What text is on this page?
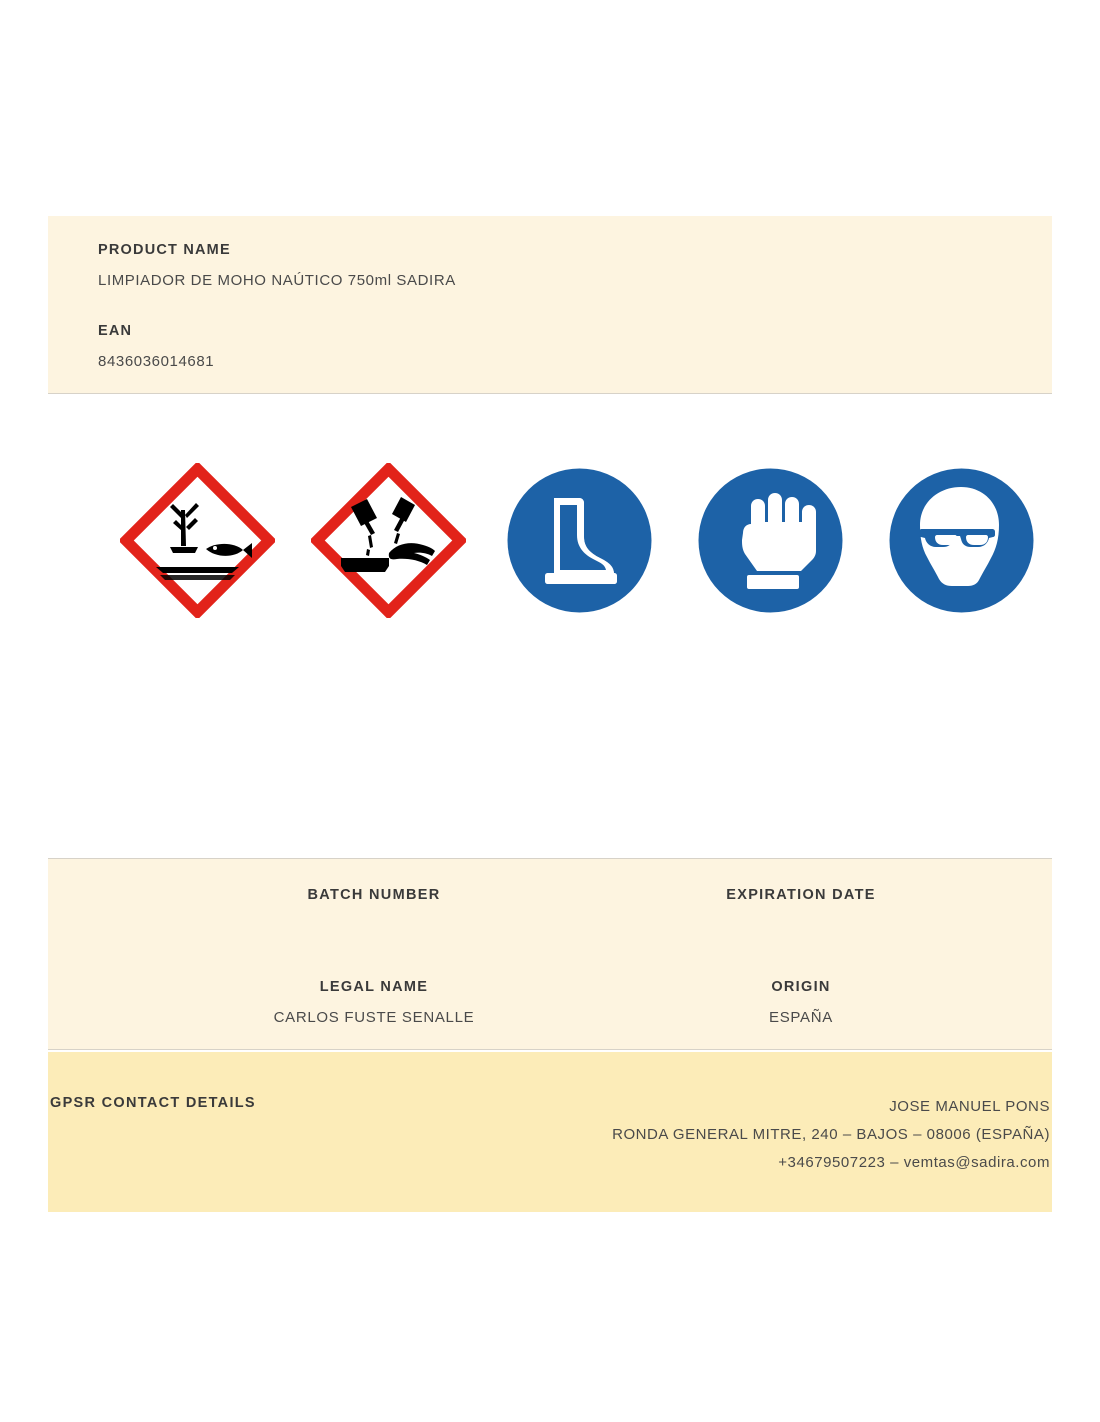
PRODUCT NAME

LIMPIADOR DE MOHO NAÚTICO 750ml SADIRA

EAN

8436036014681

BATCH NUMBER	EXPIRATION DATE

LEGAL NAME

CARLOS FUSTE SENALLE

ORIGIN

ESPAÑA

GPSR CONTACT DETAILS	JOSE MANUEL PONS
RONDA GENERAL MITRE, 240 – BAJOS – 08006 (ESPAÑA)
+34679507223 – vemtas@sadira.com
